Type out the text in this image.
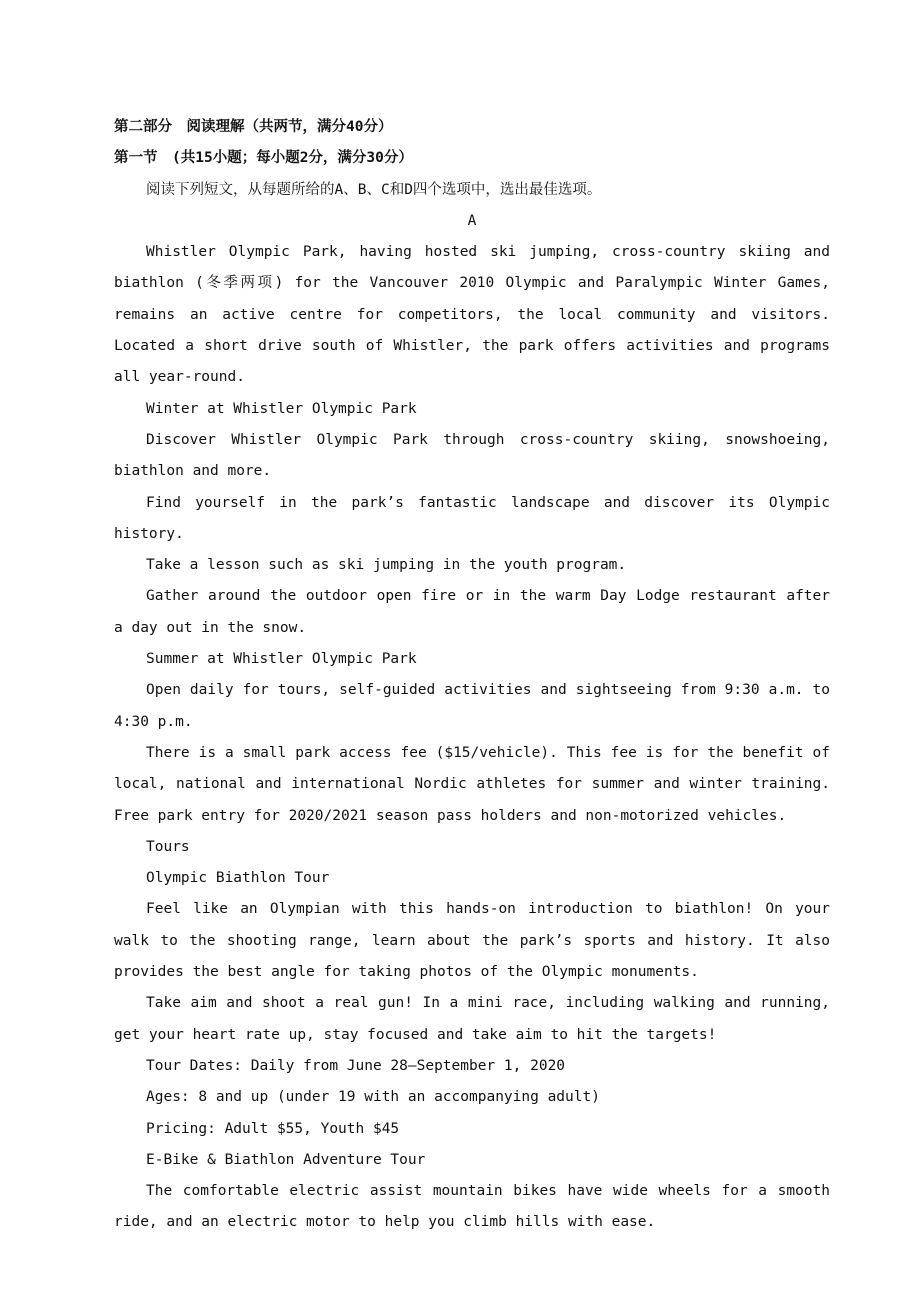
第二部分　阅读理解（共两节，满分40分）

第一节　(共15小题；每小题2分，满分30分）

阅读下列短文，从每题所给的A、B、C和D四个选项中，选出最佳选项。

A

Whistler Olympic Park, having hosted ski jumping, cross-country skiing and biathlon (冬季两项) for the Vancouver 2010 Olympic and Paralympic Winter Games, remains an active centre for competitors, the local community and visitors. Located a short drive south of Whistler, the park offers activities and programs all year-round.

Winter at Whistler Olympic Park

Discover Whistler Olympic Park through cross-country skiing, snowshoeing, biathlon and more.

Find yourself in the park’s fantastic landscape and discover its Olympic history.

Take a lesson such as ski jumping in the youth program.

Gather around the outdoor open fire or in the warm Day Lodge restaurant after a day out in the snow.

Summer at Whistler Olympic Park

Open daily for tours, self-guided activities and sightseeing from 9:30 a.m. to 4:30 p.m.

There is a small park access fee ($15/vehicle). This fee is for the benefit of local, national and international Nordic athletes for summer and winter training. Free park entry for 2020/2021 season pass holders and non-motorized vehicles.

Tours

Olympic Biathlon Tour

Feel like an Olympian with this hands-on introduction to biathlon! On your walk to the shooting range, learn about the park’s sports and history. It also provides the best angle for taking photos of the Olympic monuments.

Take aim and shoot a real gun! In a mini race, including walking and running, get your heart rate up, stay focused and take aim to hit the targets!

Tour Dates: Daily from June 28—September 1, 2020

Ages: 8 and up (under 19 with an accompanying adult)

Pricing: Adult $55, Youth $45

E-Bike & Biathlon Adventure Tour

The comfortable electric assist mountain bikes have wide wheels for a smooth ride, and an electric motor to help you climb hills with ease.
